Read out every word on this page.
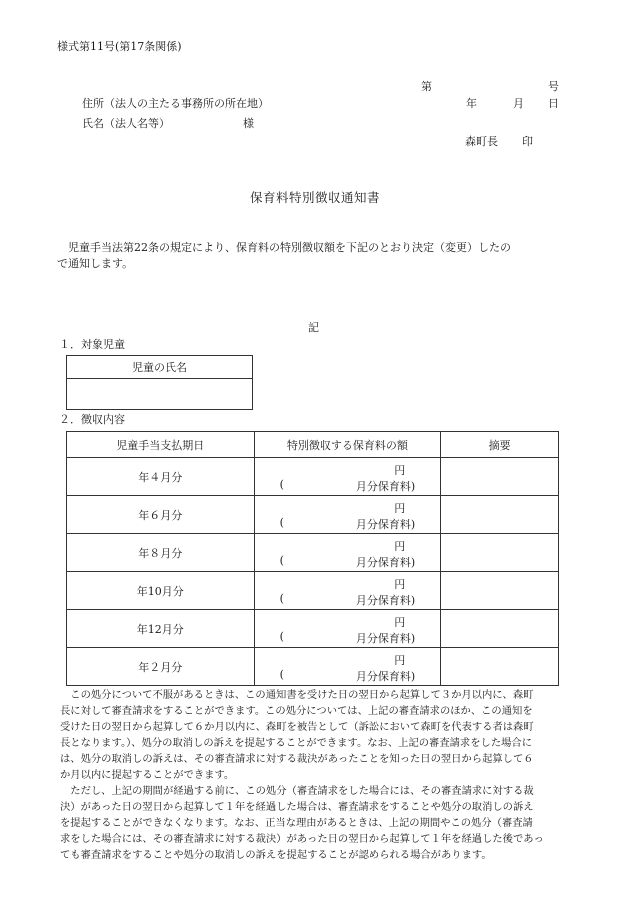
様式第11号(第17条関係)
第	号
住所（法人の主たる事務所の所在地）	年	月 日
氏名（法人名等）	様
森町長 印
保育料特別徴収通知書
児童手当法第22条の規定により、保育料の特別徴収額を下記のとおり決定（変更）したの
で通知します。
記
１．対象児童
児童の氏名

２．徴収内容
児童手当支払期日	特別徴収する保育料の額	摘要
年４月分	円
( 月分保育料)	

年６月分	円
( 月分保育料)	

年８月分	円
( 月分保育料)	

年10月分	円
( 月分保育料)	

年12月分	円
( 月分保育料)	

年２月分	円
( 月分保育料)	

　この処分について不服があるときは、この通知書を受けた日の翌日から起算して３か月以内に、森町
長に対して審査請求をすることができます。この処分については、上記の審査請求のほか、この通知を
受けた日の翌日から起算して６か月以内に、森町を被告として（訴訟において森町を代表する者は森町
長となります。）、処分の取消しの訴えを提起することができます。なお、上記の審査請求をした場合に
は、処分の取消しの訴えは、その審査請求に対する裁決があったことを知った日の翌日から起算して６
か月以内に提起することができます。
　ただし、上記の期間が経過する前に、この処分（審査請求をした場合には、その審査請求に対する裁
決）があった日の翌日から起算して１年を経過した場合は、審査請求をすることや処分の取消しの訴え
を提起することができなくなります。なお、正当な理由があるときは、上記の期間やこの処分（審査請
求をした場合には、その審査請求に対する裁決）があった日の翌日から起算して１年を経過した後であっ
ても審査請求をすることや処分の取消しの訴えを提起することが認められる場合があります。
